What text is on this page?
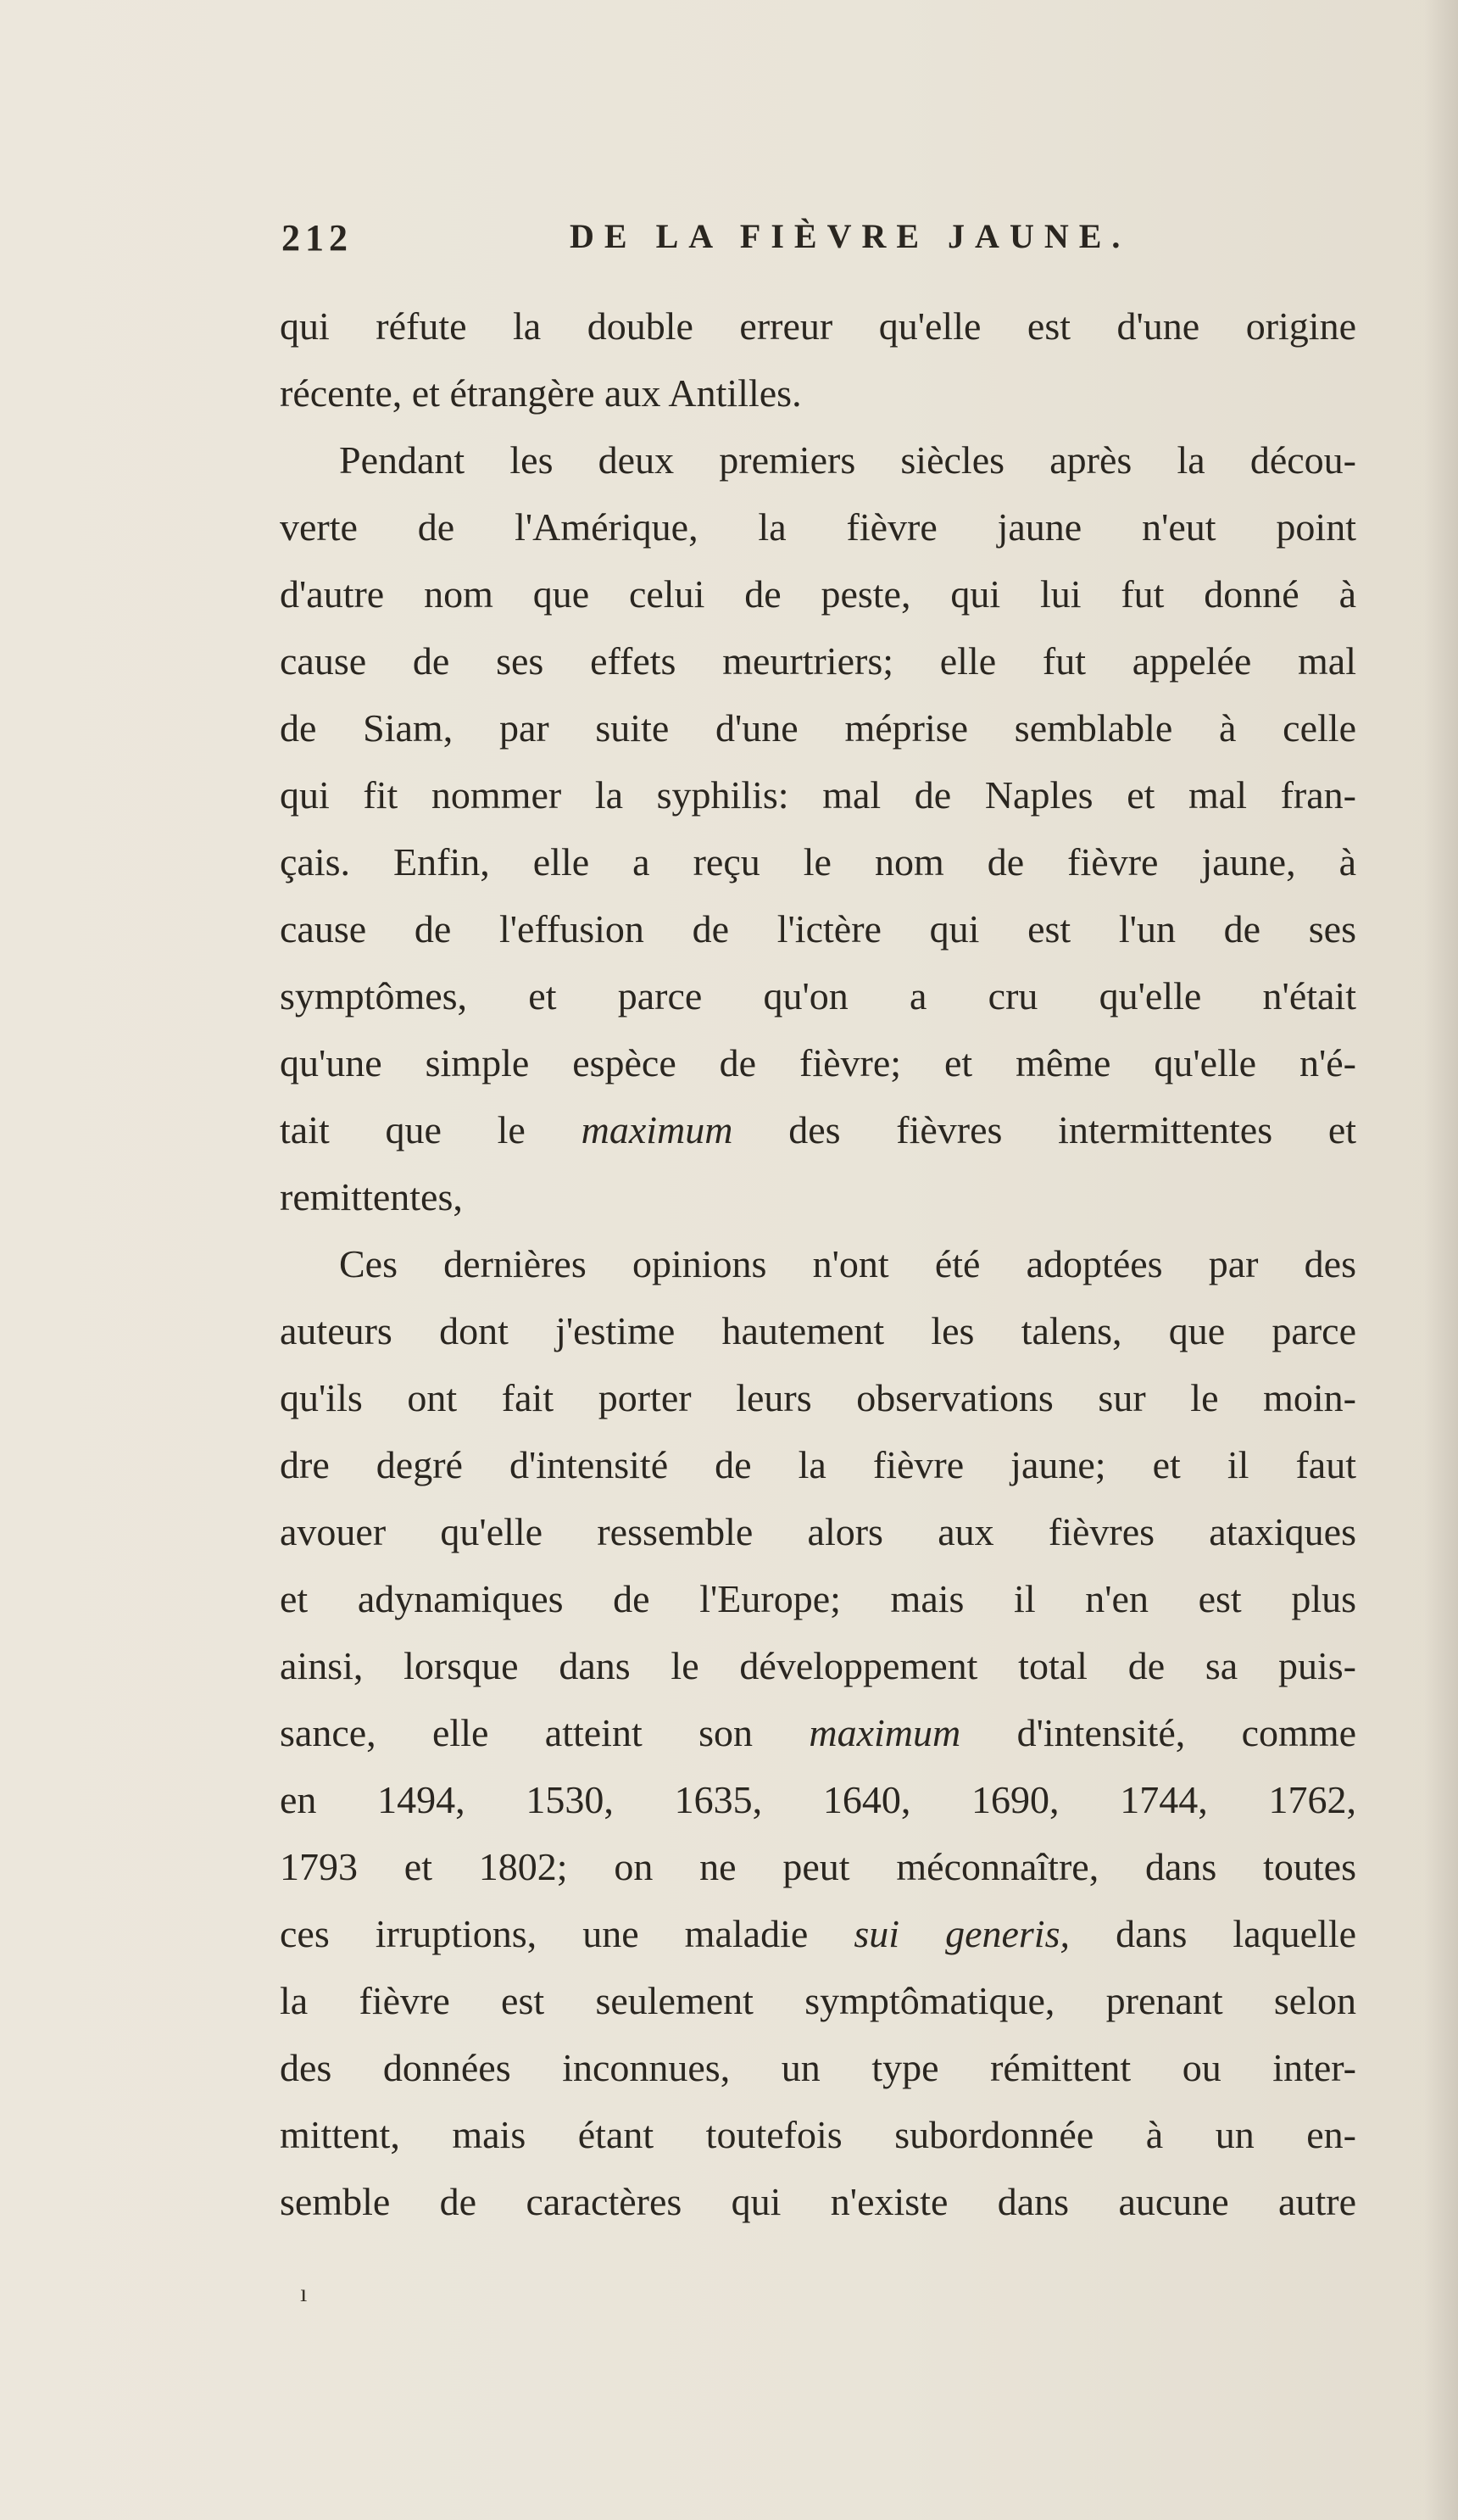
212	DE LA FIÈVRE JAUNE.
qui réfute la double erreur qu'elle est d'une origine
récente, et étrangère aux Antilles.
Pendant les deux premiers siècles après la décou-
verte de l'Amérique, la fièvre jaune n'eut point
d'autre nom que celui de peste, qui lui fut donné à
cause de ses effets meurtriers; elle fut appelée mal
de Siam, par suite d'une méprise semblable à celle
qui fit nommer la syphilis: mal de Naples et mal fran-
çais. Enfin, elle a reçu le nom de fièvre jaune, à
cause de l'effusion de l'ictère qui est l'un de ses
symptômes, et parce qu'on a cru qu'elle n'était
qu'une simple espèce de fièvre; et même qu'elle n'é-
tait que le maximum des fièvres intermittentes et
remittentes,
Ces dernières opinions n'ont été adoptées par des
auteurs dont j'estime hautement les talens, que parce
qu'ils ont fait porter leurs observations sur le moin-
dre degré d'intensité de la fièvre jaune; et il faut
avouer qu'elle ressemble alors aux fièvres ataxiques
et adynamiques de l'Europe; mais il n'en est plus
ainsi, lorsque dans le développement total de sa puis-
sance, elle atteint son maximum d'intensité, comme
en 1494, 1530, 1635, 1640, 1690, 1744, 1762,
1793 et 1802; on ne peut méconnaître, dans toutes
ces irruptions, une maladie sui generis, dans laquelle
la fièvre est seulement symptômatique, prenant selon
des données inconnues, un type rémittent ou inter-
mittent, mais étant toutefois subordonnée à un en-
semble de caractères qui n'existe dans aucune autre
ı
